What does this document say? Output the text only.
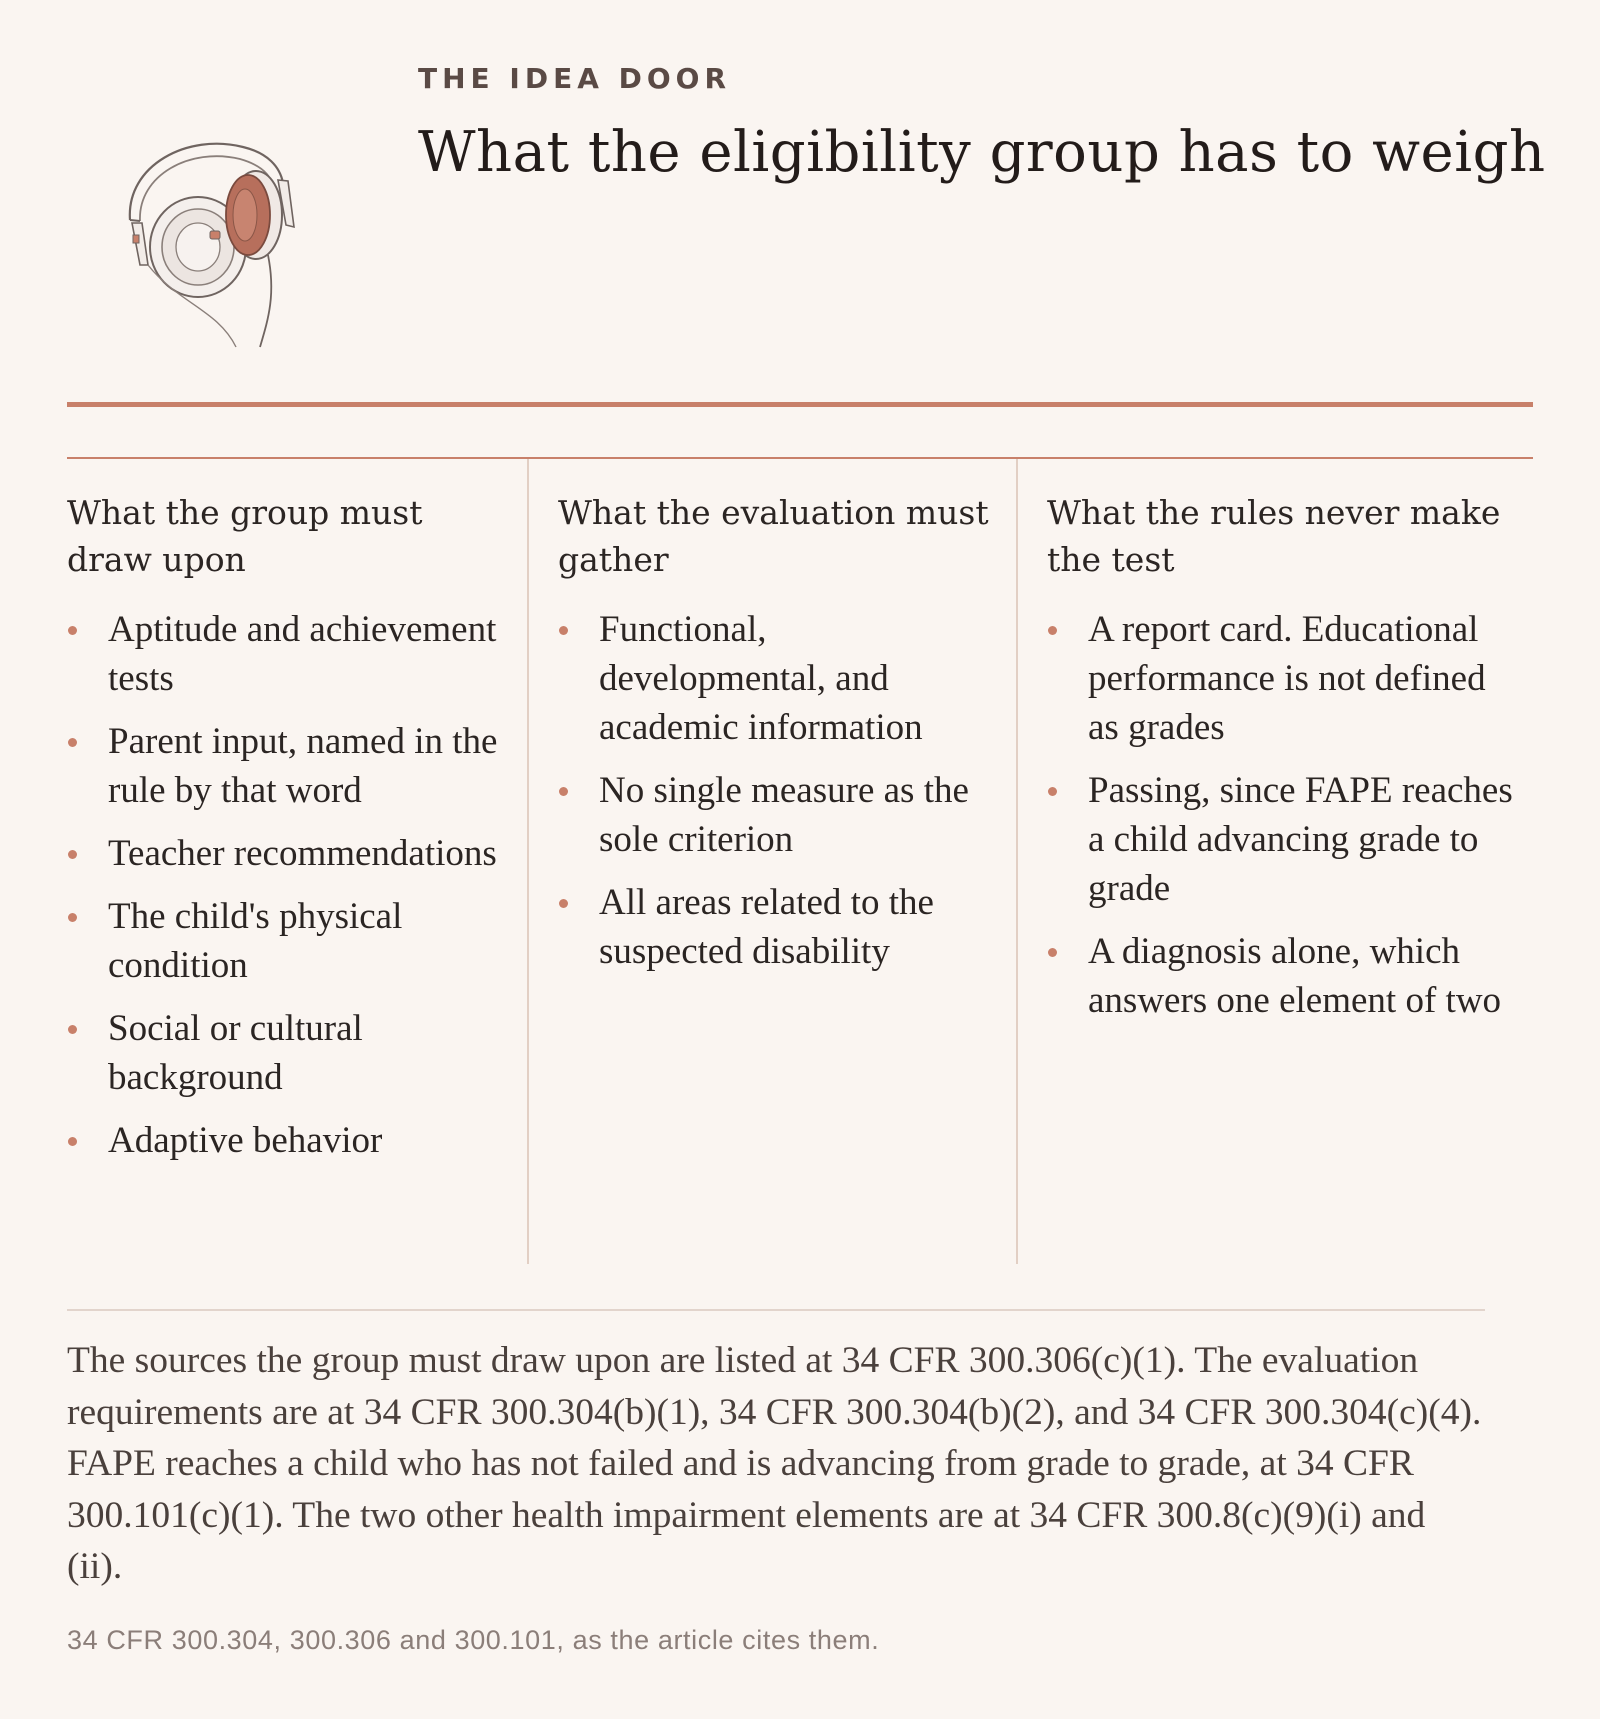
THE IDEA DOOR
What the eligibility group has to weigh
What the group must draw upon
Aptitude and achievement tests
Parent input, named in the rule by that word
Teacher recommendations
The child's physical condition
Social or cultural background
Adaptive behavior
What the evaluation must gather
Functional, developmental, and academic information
No single measure as the sole criterion
All areas related to the suspected disability
What the rules never make the test
A report card. Educational performance is not defined as grades
Passing, since FAPE reaches a child advancing grade to grade
A diagnosis alone, which answers one element of two

The sources the group must draw upon are listed at 34 CFR 300.306(c)(1). The evaluation requirements are at 34 CFR 300.304(b)(1), 34 CFR 300.304(b)(2), and 34 CFR 300.304(c)(4). FAPE reaches a child who has not failed and is advancing from grade to grade, at 34 CFR 300.101(c)(1). The two other health impairment elements are at 34 CFR 300.8(c)(9)(i) and (ii).

34 CFR 300.304, 300.306 and 300.101, as the article cites them.
